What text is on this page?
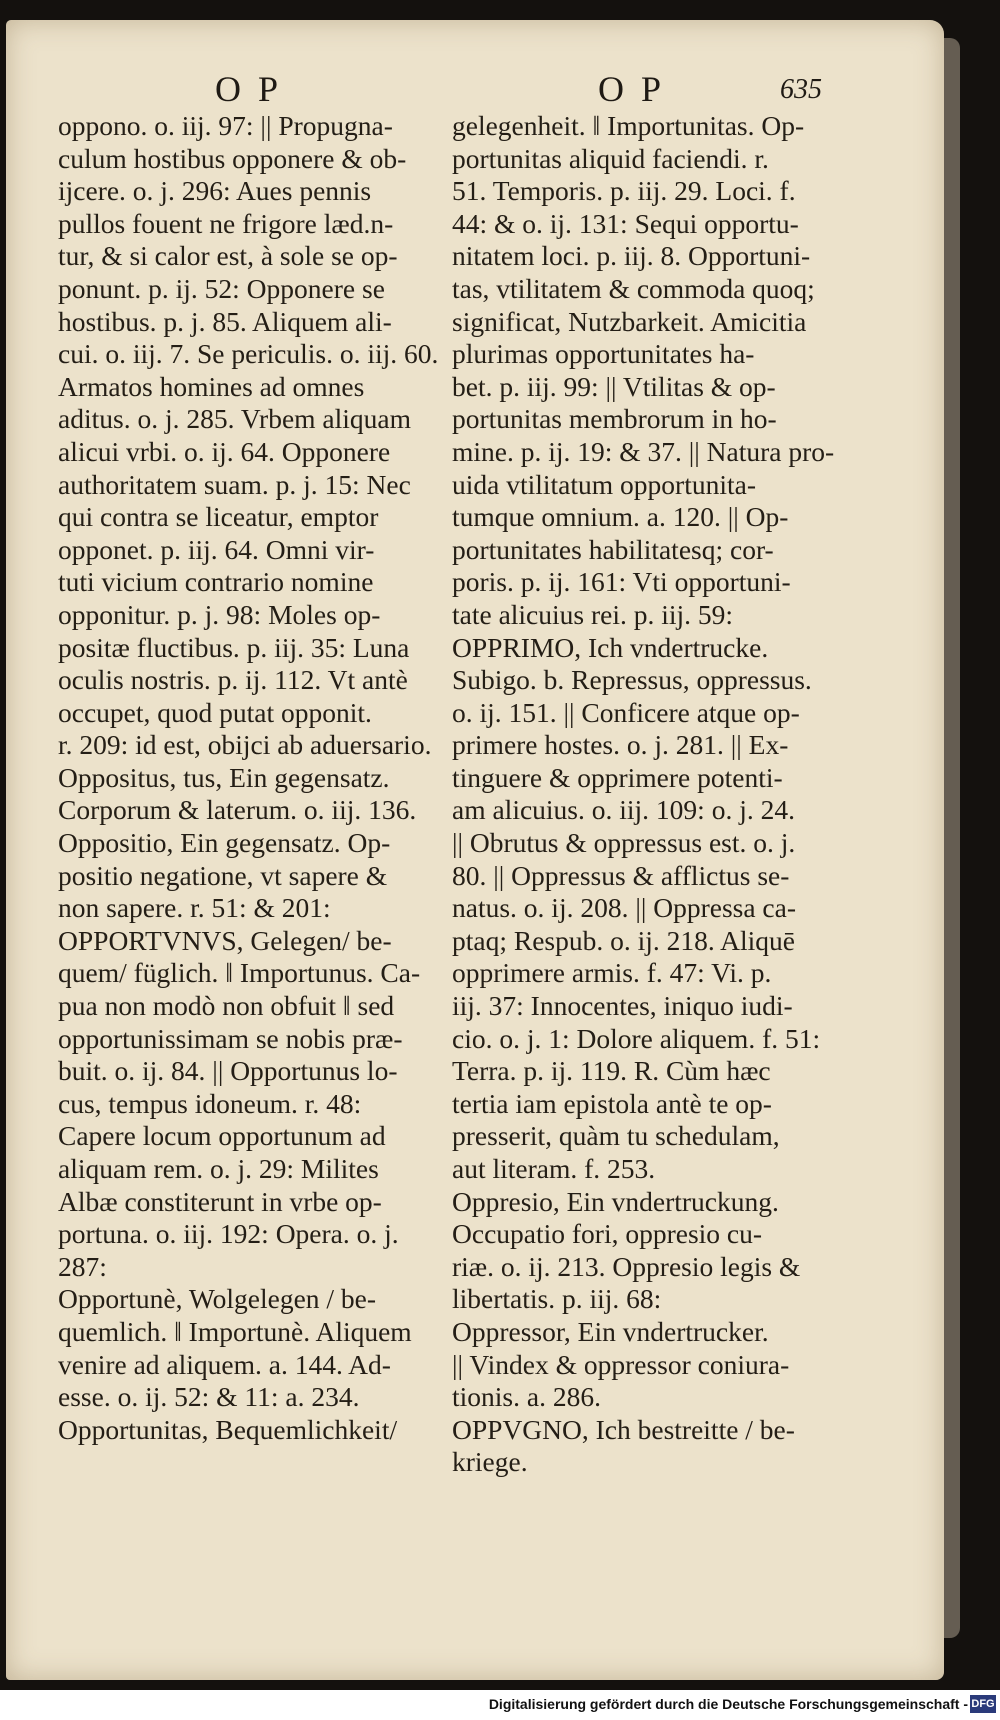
O P	O P	635
oppono. o. iij. 97: || Propugna-
culum hostibus opponere & ob-
ijcere. o. j. 296: Aues pennis
pullos fouent ne frigore læd.n-
tur, & si calor est, à sole se op-
ponunt. p. ij. 52: Opponere se
hostibus. p. j. 85. Aliquem ali-
cui. o. iij. 7. Se periculis. o. iij. 60.
Armatos homines ad omnes
aditus. o. j. 285. Vrbem aliquam
alicui vrbi. o. ij. 64. Opponere
authoritatem suam. p. j. 15: Nec
qui contra se liceatur, emptor
opponet. p. iij. 64. Omni vir-
tuti vicium contrario nomine
opponitur. p. j. 98: Moles op-
positæ fluctibus. p. iij. 35: Luna
oculis nostris. p. ij. 112. Vt antè
occupet, quod putat opponit.
r. 209: id est, obijci ab aduersario.
Oppositus, tus, Ein gegensatz.
Corporum & laterum. o. iij. 136.
Oppositio, Ein gegensatz. Op-
positio negatione, vt sapere &
non sapere. r. 51: & 201:
OPPORTVNVS, Gelegen/ be-
quem/ füglich. ‖ Importunus. Ca-
pua non modò non obfuit ‖ sed
opportunissimam se nobis præ-
buit. o. ij. 84. || Opportunus lo-
cus, tempus idoneum. r. 48:
Capere locum opportunum ad
aliquam rem. o. j. 29: Milites
Albæ constiterunt in vrbe op-
portuna. o. iij. 192: Opera. o. j.
287:
Opportunè, Wolgelegen / be-
quemlich. ‖ Importunè. Aliquem
venire ad aliquem. a. 144. Ad-
esse. o. ij. 52: & 11: a. 234.
Opportunitas, Bequemlichkeit/
gelegenheit. ‖ Importunitas. Op-
portunitas aliquid faciendi. r.
51. Temporis. p. iij. 29. Loci. f.
44: & o. ij. 131: Sequi opportu-
nitatem loci. p. iij. 8. Opportuni-
tas, vtilitatem & commoda quoq;
significat, Nutzbarkeit. Amicitia
plurimas opportunitates ha-
bet. p. iij. 99: || Vtilitas & op-
portunitas membrorum in ho-
mine. p. ij. 19: & 37. || Natura pro-
uida vtilitatum opportunita-
tumque omnium. a. 120. || Op-
portunitates habilitatesq; cor-
poris. p. ij. 161: Vti opportuni-
tate alicuius rei. p. iij. 59:
OPPRIMO, Ich vndertrucke.
Subigo. b. Repressus, oppressus.
o. ij. 151. || Conficere atque op-
primere hostes. o. j. 281. || Ex-
tinguere & opprimere potenti-
am alicuius. o. iij. 109: o. j. 24.
|| Obrutus & oppressus est. o. j.
80. || Oppressus & afflictus se-
natus. o. ij. 208. || Oppressa ca-
ptaq; Respub. o. ij. 218. Aliquē
opprimere armis. f. 47: Vi. p.
iij. 37: Innocentes, iniquo iudi-
cio. o. j. 1: Dolore aliquem. f. 51:
Terra. p. ij. 119. R. Cùm hæc
tertia iam epistola antè te op-
presserit, quàm tu schedulam,
aut literam. f. 253.
Oppresio, Ein vndertruckung.
Occupatio fori, oppresio cu-
riæ. o. ij. 213. Oppresio legis &
libertatis. p. iij. 68:
Oppressor, Ein vndertrucker.
|| Vindex & oppressor coniura-
tionis. a. 286.
OPPVGNO, Ich bestreitte / be-
kriege.
Digitalisierung gefördert durch die Deutsche Forschungsgemeinschaft - DFG
